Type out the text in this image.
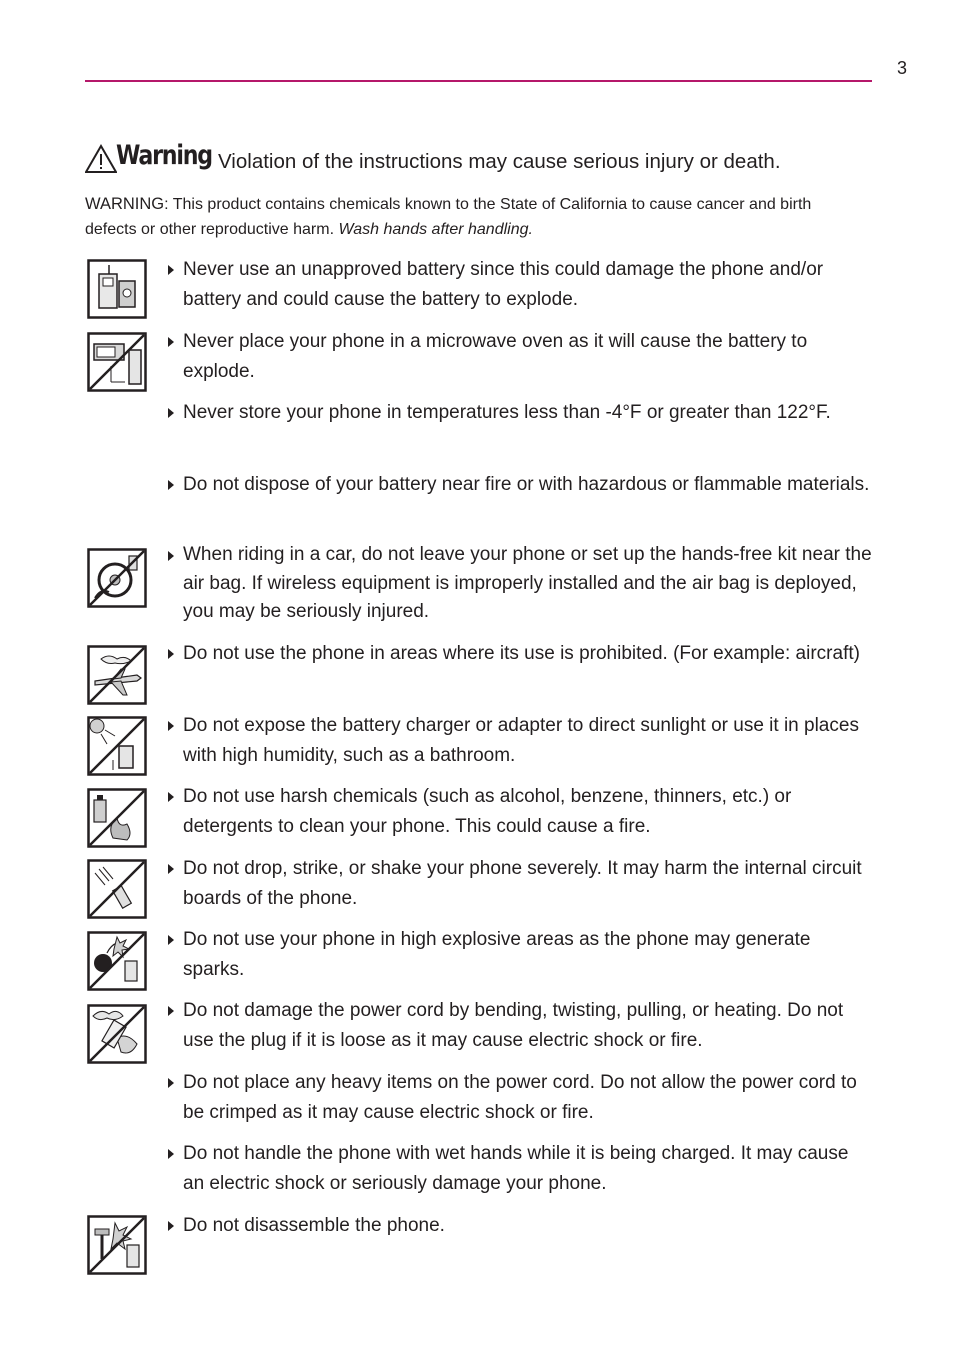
3
Warning Violation of the instructions may cause serious injury or death.
WARNING: This product contains chemicals known to the State of California to cause cancer and birth defects or other reproductive harm. Wash hands after handling.
Never use an unapproved battery since this could damage the phone and/or battery and could cause the battery to explode.
Never place your phone in a microwave oven as it will cause the battery to explode.
Never store your phone in temperatures less than -4°F or greater than 122°F.
Do not dispose of your battery near fire or with hazardous or flammable materials.
When riding in a car, do not leave your phone or set up the hands-free kit near the air bag. If wireless equipment is improperly installed and the air bag is deployed, you may be seriously injured.
Do not use the phone in areas where its use is prohibited. (For example: aircraft)
Do not expose the battery charger or adapter to direct sunlight or use it in places with high humidity, such as a bathroom.
Do not use harsh chemicals (such as alcohol, benzene, thinners, etc.) or detergents to clean your phone. This could cause a fire.
Do not drop, strike, or shake your phone severely. It may harm the internal circuit boards of the phone.
Do not use your phone in high explosive areas as the phone may generate sparks.
Do not damage the power cord by bending, twisting, pulling, or heating. Do not use the plug if it is loose as it may cause electric shock or fire.
Do not place any heavy items on the power cord. Do not allow the power cord to be crimped as it may cause electric shock or fire.
Do not handle the phone with wet hands while it is being charged. It may cause an electric shock or seriously damage your phone.
Do not disassemble the phone.
